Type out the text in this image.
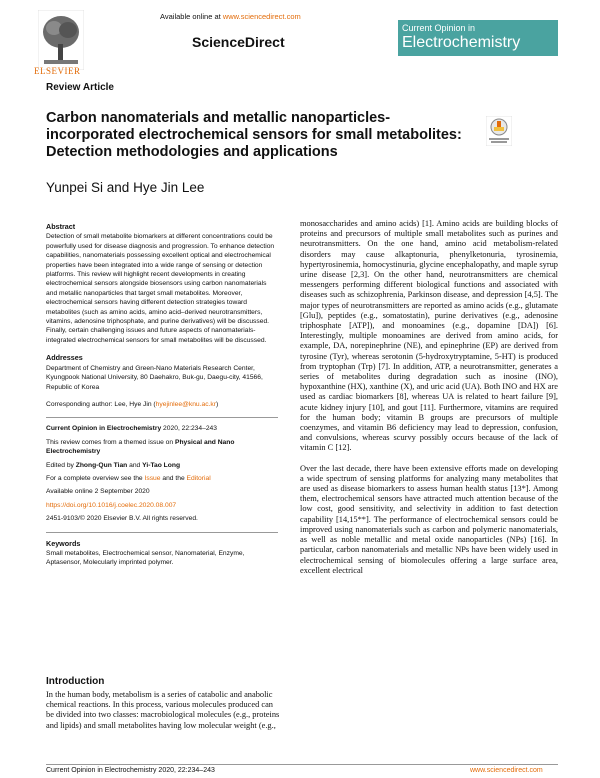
ELSEVIER
Available online at www.sciencedirect.com
ScienceDirect
Current Opinion in
Electrochemistry
Review Article
Carbon nanomaterials and metallic nanoparticles-incorporated electrochemical sensors for small metabolites: Detection methodologies and applications
Yunpei Si and Hye Jin Lee
Abstract
Detection of small metabolite biomarkers at different concentrations could be powerfully used for disease diagnosis and progression. To enhance detection capabilities, nanomaterials possessing excellent optical and electrochemical properties have been integrated into a wide range of sensing or detection platforms. This review will highlight recent developments in creating electrochemical sensors alongside biosensors using carbon nanomaterials and metallic nanoparticles that target small metabolites. Moreover, electrochemical sensors having different detection strategies toward metabolites (such as amino acids, amino acid–derived neurotransmitters, vitamins, adenosine triphosphate, and purine derivatives) will be discussed. Finally, certain challenging issues and future aspects of nanomaterials-integrated electrochemical sensors for small metabolites will be discussed.
Addresses
Department of Chemistry and Green-Nano Materials Research Center, Kyungpook National University, 80 Daehakro, Buk-gu, Daegu-city, 41566, Republic of Korea
Corresponding author: Lee, Hye Jin (hyejinlee@knu.ac.kr)

Current Opinion in Electrochemistry 2020, 22:234–243

This review comes from a themed issue on Physical and Nano Electrochemistry

Edited by Zhong-Qun Tian and Yi-Tao Long

For a complete overview see the Issue and the Editorial

Available online 2 September 2020

https://doi.org/10.1016/j.coelec.2020.08.007

2451-9103/© 2020 Elsevier B.V. All rights reserved.

Keywords
Small metabolites, Electrochemical sensor, Nanomaterial, Enzyme, Aptasensor, Molecularly imprinted polymer.
Introduction
In the human body, metabolism is a series of catabolic and anabolic chemical reactions. In this process, various molecules produced can be divided into two classes: macrobiological molecules (e.g., proteins and lipids) and small metabolites having low molecular weight (e.g.,

monosaccharides and amino acids) [1]. Amino acids are building blocks of proteins and precursors of multiple small metabolites such as purines and neurotransmitters. On the one hand, amino acid metabolism-related disorders may cause alkaptonuria, phenylketonuria, tyrosinemia, hypertyrosinemia, homocystinuria, glycine encephalopathy, and maple syrup urine disease [2,3]. On the other hand, neurotransmitters are chemical messengers performing different biological functions and associated with diseases such as schizophrenia, Parkinson disease, and depression [4,5]. The major types of neurotransmitters are reported as amino acids (e.g., glutamate [Glu]), peptides (e.g., somatostatin), purine derivatives (e.g., adenosine triphosphate [ATP]), and monoamines (e.g., dopamine [DA]) [6]. Interestingly, multiple monoamines are derived from amino acids, for example, DA, norepinephrine (NE), and epinephrine (EP) are derived from tyrosine (Tyr), whereas serotonin (5-hydroxytryptamine, 5-HT) is produced from tryptophan (Trp) [7]. In addition, ATP, a neurotransmitter, generates a series of metabolites during degradation such as inosine (INO), hypoxanthine (HX), xanthine (X), and uric acid (UA). Both INO and HX are used as cardiac biomarkers [8], whereas UA is related to heart failure [9], acute kidney injury [10], and gout [11]. Furthermore, vitamins are required for the human body; vitamin B groups are precursors of multiple coenzymes, and vitamin B6 deficiency may lead to depression, confusion, and convulsions, whereas scurvy possibly occurs because of the lack of vitamin C [12].

Over the last decade, there have been extensive efforts made on developing a wide spectrum of sensing platforms for analyzing many metabolites that are used as disease biomarkers to assess human health status [13*]. Among them, electrochemical sensors have attracted much attention because of the low cost, good sensitivity, and selectivity in addition to fast detection capability [14,15**]. The performance of electrochemical sensors could be improved using nanomaterials such as carbon and polymeric nanomaterials, as well as noble metallic and metal oxide nanoparticles (NPs) [16]. In particular, carbon nanomaterials and metallic NPs have been widely used in electrochemical sensing of biomolecules offering a large surface area, excellent electrical

Current Opinion in Electrochemistry 2020, 22:234–243	www.sciencedirect.com
